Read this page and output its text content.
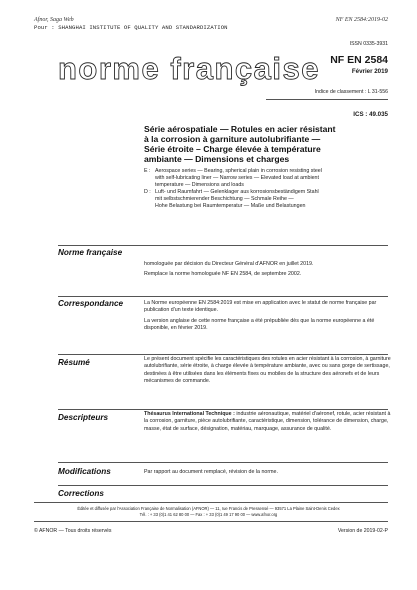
Afnor, Saga Web	NF EN 2584:2019-02
Pour : SHANGHAI INSTITUTE OF QUALITY AND STANDARDIZATION
ISSN 0335-3931
norme française NF EN 2584
Février 2019
Indice de classement : L 31-556
ICS : 49.035
Série aérospatiale — Rotules en acier résistant
à la corrosion à garniture autolubrifiante —
Série étroite – Charge élevée à température
ambiante — Dimensions et charges
E : Aerospace series — Bearing, spherical plain in corrosion resisting steel
with self-lubricating liner — Narrow series — Elevated load at ambient
temperature — Dimensions and loads
D : Luft- und Raumfahrt — Gelenklager aus korrosionsbeständigem Stahl
mit selbstschmierender Beschichtung — Schmale Reihe —
Hohe Belastung bei Raumtemperatur — Maße und Belastungen
Norme française

homologuée par décision du Directeur Général d'AFNOR en juillet 2019.

Remplace la norme homologuée NF EN 2584, de septembre 2002.

Correspondance	La Norme européenne EN 2584:2019 est mise en application avec le statut de norme française par publication d'un texte identique.

La version anglaise de cette norme française a été prépubliée dès que la norme européenne a été disponible, en février 2019.

Résumé	Le présent document spécifie les caractéristiques des rotules en acier résistant à la corrosion, à garniture autolubrifiante, série étroite, à charge élevée à température ambiante, avec ou sans gorge de sertissage, destinées à être utilisées dans les éléments fixes ou mobiles de la structure des aéronefs et de leurs mécanismes de commande.

Descripteurs	Thésaurus International Technique : industrie aéronautique, matériel d'aéronef, rotule, acier résistant à la corrosion, garniture, pièce autolubrifiante, caractéristique, dimension, tolérance de dimension, charge, masse, état de surface, désignation, matériau, marquage, assurance de qualité.

Modifications	Par rapport au document remplacé, révision de la norme.

Corrections
Éditée et diffusée par l'Association Française de Normalisation (AFNOR) — 11, rue Francis de Pressensé — 93571 La Plaine Saint-Denis Cedex
Tél. : + 33 (0)1 41 62 80 00 — Fax : + 33 (0)1 49 17 90 00 — www.afnor.org
© AFNOR — Tous droits réservés	Version de 2019-02-P
